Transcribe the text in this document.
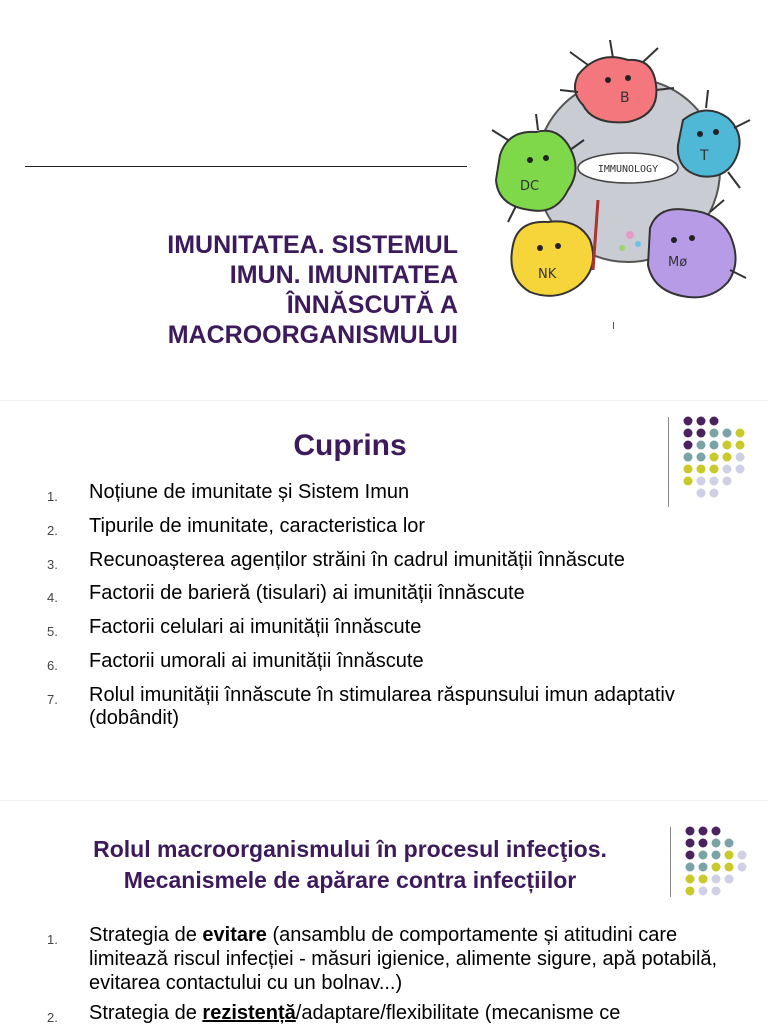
IMUNITATEA. SISTEMUL
IMUN. IMUNITATEA
ÎNNĂSCUTĂ A
MACROORGANISMULUI
IMMUNOLOGY
B
T
DC
NK
Mø
Cuprins
1. Noțiune de imunitate și Sistem Imun
2. Tipurile de imunitate, caracteristica lor
3. Recunoașterea agenților străini în cadrul imunității înnăscute
4. Factorii de barieră (tisulari) ai imunității înnăscute
5. Factorii celulari ai imunității înnăscute
6. Factorii umorali ai imunității înnăscute
7. Rolul imunității înnăscute în stimularea răspunsului imun adaptativ (dobândit)
Rolul macroorganismului în procesul infecţios.
Mecanismele de apărare contra infecțiilor
1. Strategia de evitare (ansamblu de comportamente și atitudini care limitează riscul infecției - măsuri igienice, alimente sigure, apă potabilă, evitarea contactului cu un bolnav...)
2. Strategia de rezistență/adaptare/flexibilitate (mecanisme ce
